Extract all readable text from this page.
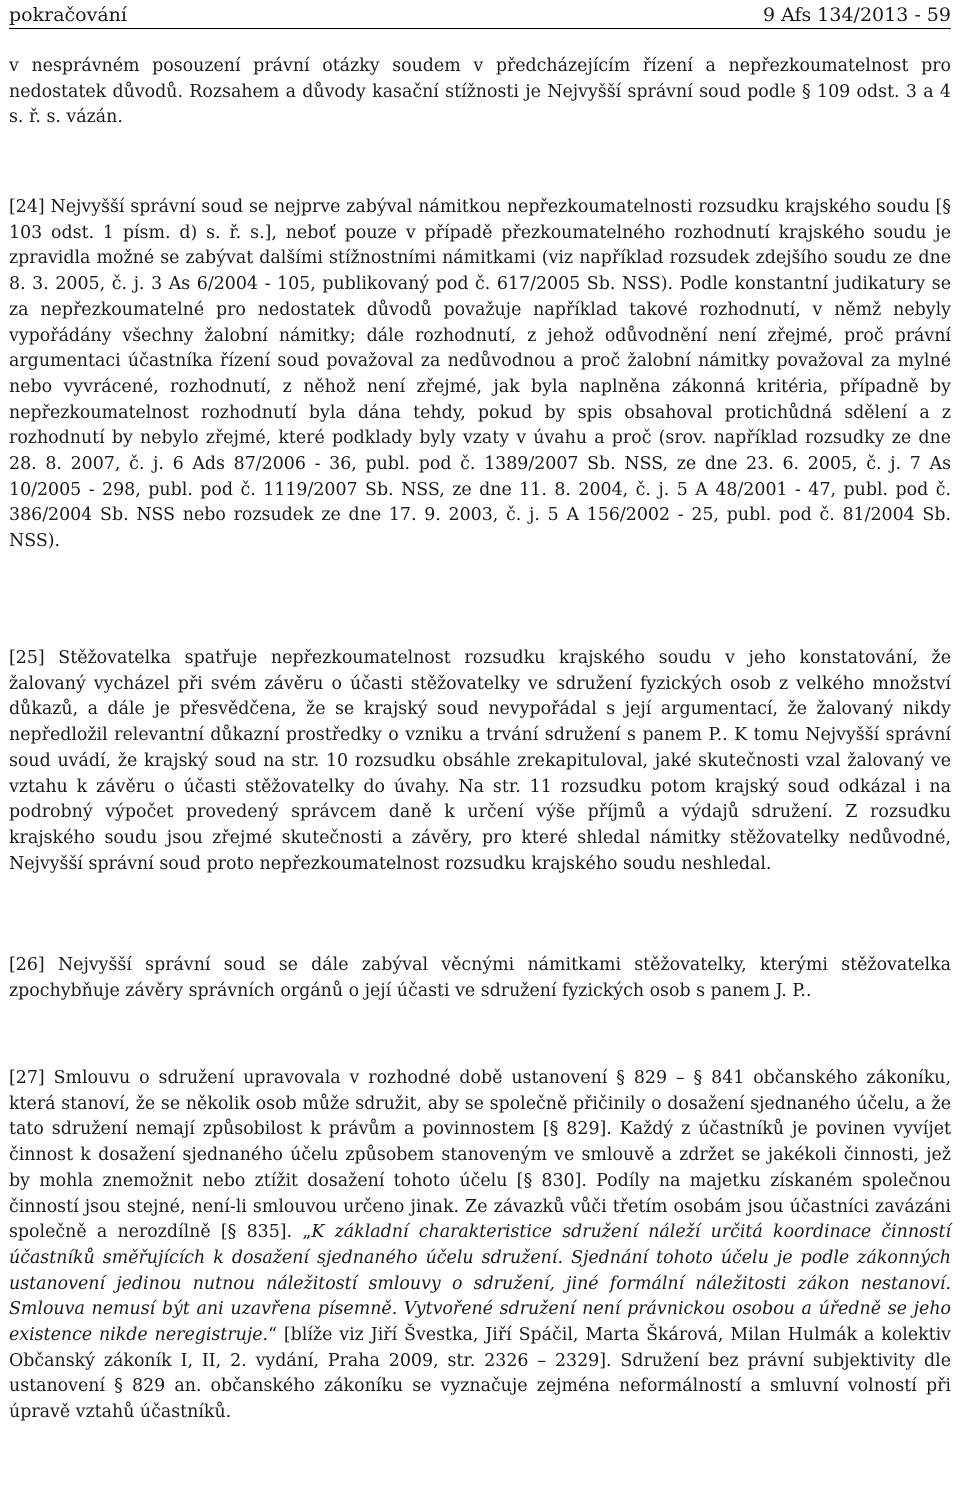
pokračování	9 Afs 134/2013 - 59

v nesprávném posouzení právní otázky soudem v předcházejícím řízení a nepřezkoumatelnost pro nedostatek důvodů. Rozsahem a důvody kasační stížnosti je Nejvyšší správní soud podle § 109 odst. 3 a 4 s. ř. s. vázán.

[24] Nejvyšší správní soud se nejprve zabýval námitkou nepřezkoumatelnosti rozsudku krajského soudu [§ 103 odst. 1 písm. d) s. ř. s.], neboť pouze v případě přezkoumatelného rozhodnutí krajského soudu je zpravidla možné se zabývat dalšími stížnostními námitkami (viz například rozsudek zdejšího soudu ze dne 8. 3. 2005, č. j. 3 As 6/2004 - 105, publikovaný pod č. 617/2005 Sb. NSS). Podle konstantní judikatury se za nepřezkoumatelné pro nedostatek důvodů považuje například takové rozhodnutí, v němž nebyly vypořádány všechny žalobní námitky; dále rozhodnutí, z jehož odůvodnění není zřejmé, proč právní argumentaci účastníka řízení soud považoval za nedůvodnou a proč žalobní námitky považoval za mylné nebo vyvrácené, rozhodnutí, z něhož není zřejmé, jak byla naplněna zákonná kritéria, případně by nepřezkoumatelnost rozhodnutí byla dána tehdy, pokud by spis obsahoval protichůdná sdělení a z rozhodnutí by nebylo zřejmé, které podklady byly vzaty v úvahu a proč (srov. například rozsudky ze dne 28. 8. 2007, č. j. 6 Ads 87/2006 - 36, publ. pod č. 1389/2007 Sb. NSS, ze dne 23. 6. 2005, č. j. 7 As 10/2005 - 298, publ. pod č. 1119/2007 Sb. NSS, ze dne 11. 8. 2004, č. j. 5 A 48/2001 - 47, publ. pod č. 386/2004 Sb. NSS nebo rozsudek ze dne 17. 9. 2003, č. j. 5 A 156/2002 - 25, publ. pod č. 81/2004 Sb. NSS).

[25] Stěžovatelka spatřuje nepřezkoumatelnost rozsudku krajského soudu v jeho konstatování, že žalovaný vycházel při svém závěru o účasti stěžovatelky ve sdružení fyzických osob z velkého množství důkazů, a dále je přesvědčena, že se krajský soud nevypořádal s její argumentací, že žalovaný nikdy nepředložil relevantní důkazní prostředky o vzniku a trvání sdružení s panem P.. K tomu Nejvyšší správní soud uvádí, že krajský soud na str. 10 rozsudku obsáhle zrekapituloval, jaké skutečnosti vzal žalovaný ve vztahu k závěru o účasti stěžovatelky do úvahy. Na str. 11 rozsudku potom krajský soud odkázal i na podrobný výpočet provedený správcem daně k určení výše příjmů a výdajů sdružení. Z rozsudku krajského soudu jsou zřejmé skutečnosti a závěry, pro které shledal námitky stěžovatelky nedůvodné, Nejvyšší správní soud proto nepřezkoumatelnost rozsudku krajského soudu neshledal.

[26] Nejvyšší správní soud se dále zabýval věcnými námitkami stěžovatelky, kterými stěžovatelka zpochybňuje závěry správních orgánů o její účasti ve sdružení fyzických osob s panem J. P..

[27] Smlouvu o sdružení upravovala v rozhodné době ustanovení § 829 – § 841 občanského zákoníku, která stanoví, že se několik osob může sdružit, aby se společně přičinily o dosažení sjednaného účelu, a že tato sdružení nemají způsobilost k právům a povinnostem [§ 829]. Každý z účastníků je povinen vyvíjet činnost k dosažení sjednaného účelu způsobem stanoveným ve smlouvě a zdržet se jakékoli činnosti, jež by mohla znemožnit nebo ztížit dosažení tohoto účelu [§ 830]. Podíly na majetku získaném společnou činností jsou stejné, není-li smlouvou určeno jinak. Ze závazků vůči třetím osobám jsou účastníci zavázáni společně a nerozdílně [§ 835]. „K základní charakteristice sdružení náleží určitá koordinace činností účastníků směřujících k dosažení sjednaného účelu sdružení. Sjednání tohoto účelu je podle zákonných ustanovení jedinou nutnou náležitostí smlouvy o sdružení, jiné formální náležitosti zákon nestanoví. Smlouva nemusí být ani uzavřena písemně. Vytvořené sdružení není právnickou osobou a úředně se jeho existence nikde neregistruje.“ [blíže viz Jiří Švestka, Jiří Spáčil, Marta Škárová, Milan Hulmák a kolektiv Občanský zákoník I, II, 2. vydání, Praha 2009, str. 2326 – 2329]. Sdružení bez právní subjektivity dle ustanovení § 829 an. občanského zákoníku se vyznačuje zejména neformálností a smluvní volností při úpravě vztahů účastníků.
